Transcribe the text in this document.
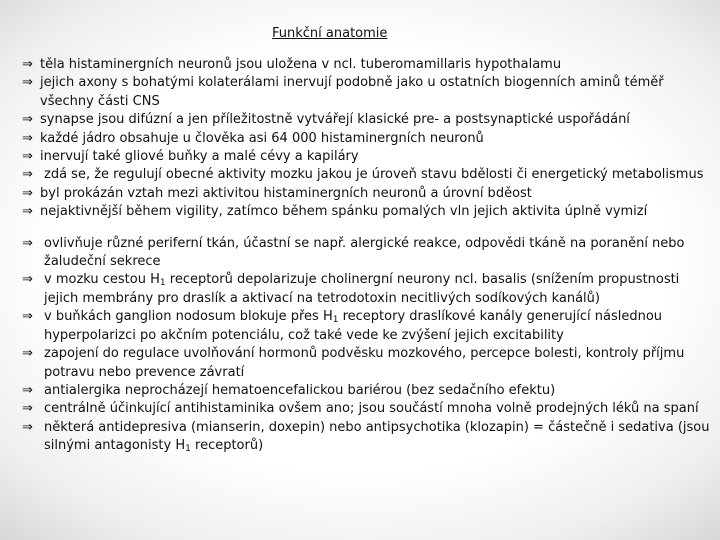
Funkční anatomie
⇒ těla histaminergních neuronů jsou uložena v ncl. tuberomamillaris hypothalamu
⇒ jejich axony s bohatými kolaterálami inervují podobně jako u ostatních biogenních aminů téměř všechny části CNS
⇒ synapse jsou difúzní a jen příležitostně vytvářejí klasické pre- a postsynaptické uspořádání
⇒ každé jádro obsahuje u člověka asi 64 000 histaminergních neuronů
⇒ inervují také gliové buňky a malé cévy a kapiláry
⇒ zdá se, že regulují obecné aktivity mozku jakou je úroveň stavu bdělosti či energetický metabolismus
⇒ byl prokázán vztah mezi aktivitou histaminergních neuronů a úrovní bděost
⇒ nejaktivnější během vigility, zatímco během spánku pomalých vln jejich aktivita úplně vymizí
⇒ ovlivňuje různé periferní tkán, účastní se např. alergické reakce, odpovědi tkáně na poranění nebo žaludeční sekrece
⇒ v mozku cestou $H_1$ receptorů depolarizuje cholinergní neurony ncl. basalis (snížením propustnosti jejich membrány pro draslík a aktivací na tetrodotoxin necitlivých sodíkových kanálů)
⇒ v buňkách ganglion nodosum blokuje přes $H_1$ receptory draslíkové kanály generující následnou hyperpolarizci po akčním potenciálu, což také vede ke zvýšení jejich excitability
⇒ zapojení do regulace uvolňování hormonů podvěsku mozkového, percepce bolesti, kontroly příjmu potravu nebo prevence závratí
⇒ antialergika neprocházejí hematoencefalickou bariérou (bez sedačního efektu)
⇒ centrálně účinkující antihistaminika ovšem ano; jsou součástí mnoha volně prodejných léků na spaní
⇒ některá antidepresiva (mianserin, doxepin) nebo antipsychotika (klozapin) = částečně i sedativa (jsou silnými antagonisty $H_1$ receptorů)
